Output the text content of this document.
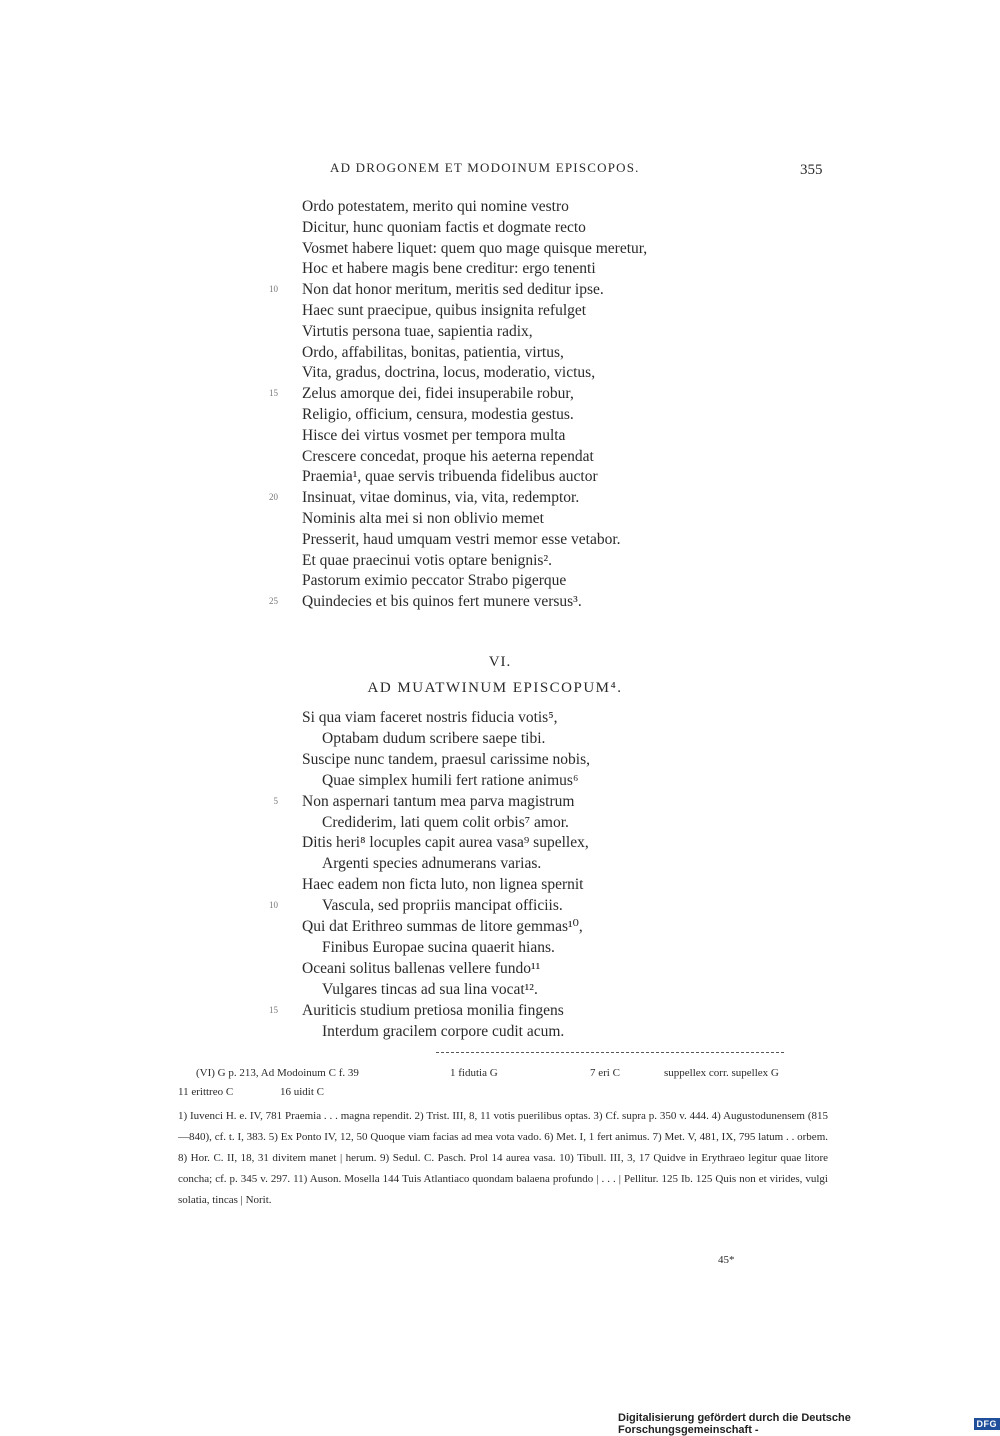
AD DROGONEM ET MODOINUM EPISCOPOS.	355
Ordo potestatem, merito qui nomine vestro
Dicitur, hunc quoniam factis et dogmate recto
Vosmet habere liquet: quem quo mage quisque meretur,
Hoc et habere magis bene creditur: ergo tenenti
10 Non dat honor meritum, meritis sed deditur ipse.
Haec sunt praecipue, quibus insignita refulget
Virtutis persona tuae, sapientia radix,
Ordo, affabilitas, bonitas, patientia, virtus,
Vita, gradus, doctrina, locus, moderatio, victus,
15 Zelus amorque dei, fidei insuperabile robur,
Religio, officium, censura, modestia gestus.
Hisce dei virtus vosmet per tempora multa
Crescere concedat, proque his aeterna rependat
Praemia¹, quae servis tribuenda fidelibus auctor
20 Insinuat, vitae dominus, via, vita, redemptor.
Nominis alta mei si non oblivio memet
Presserit, haud umquam vestri memor esse vetabor.
Et quae praecinui votis optare benignis².
Pastorum eximio peccator Strabo pigerque
25 Quindecies et bis quinos fert munere versus³.
VI.
AD MUATWINUM EPISCOPUM⁴.
Si qua viam faceret nostris fiducia votis⁵,
Optabam dudum scribere saepe tibi.
Suscipe nunc tandem, praesul carissime nobis,
Quae simplex humili fert ratione animus⁶
5 Non aspernari tantum mea parva magistrum
Crediderim, lati quem colit orbis⁷ amor.
Ditis heri⁸ locuples capit aurea vasa⁹ supellex,
Argenti species adnumerans varias.
Haec eadem non ficta luto, non lignea spernit
10	Vascula, sed propriis mancipat officiis.
Qui dat Erithreo summas de litore gemmas¹⁰,
Finibus Europae sucina quaerit hians.
Oceani solitus ballenas vellere fundo¹¹
Vulgares tincas ad sua lina vocat¹².
15 Auriticis studium pretiosa monilia fingens
Interdum gracilem corpore cudit acum.
(VI) G p. 213, Ad Modoinum C f. 39	1 fidutia G	7 eri C	suppellex corr. supellex G
11 erittreo C	16 uidit C
1) Iuvenci H. e. IV, 781 Praemia . . . magna rependit. 2) Trist. III, 8, 11 votis puerilibus optas. 3) Cf. supra p. 350 v. 444. 4) Augustodunensem (815—840), cf. t. I, 383. 5) Ex Ponto IV, 12, 50 Quoque viam facias ad mea vota vado. 6) Met. I, 1 fert animus. 7) Met. V, 481, IX, 795 latum . . orbem. 8) Hor. C. II, 18, 31 divitem manet | herum. 9) Sedul. C. Pasch. Prol 14 aurea vasa. 10) Tibull. III, 3, 17 Quidve in Erythraeo legitur quae litore concha; cf. p. 345 v. 297. 11) Auson. Mosella 144 Tuis Atlantiaco quondam balaena profundo | . . . | Pellitur. 125 Ib. 125 Quis non et virides, vulgi solatia, tincas | Norit.
45*
Digitalisierung gefördert durch die Deutsche Forschungsgemeinschaft -	DFG
